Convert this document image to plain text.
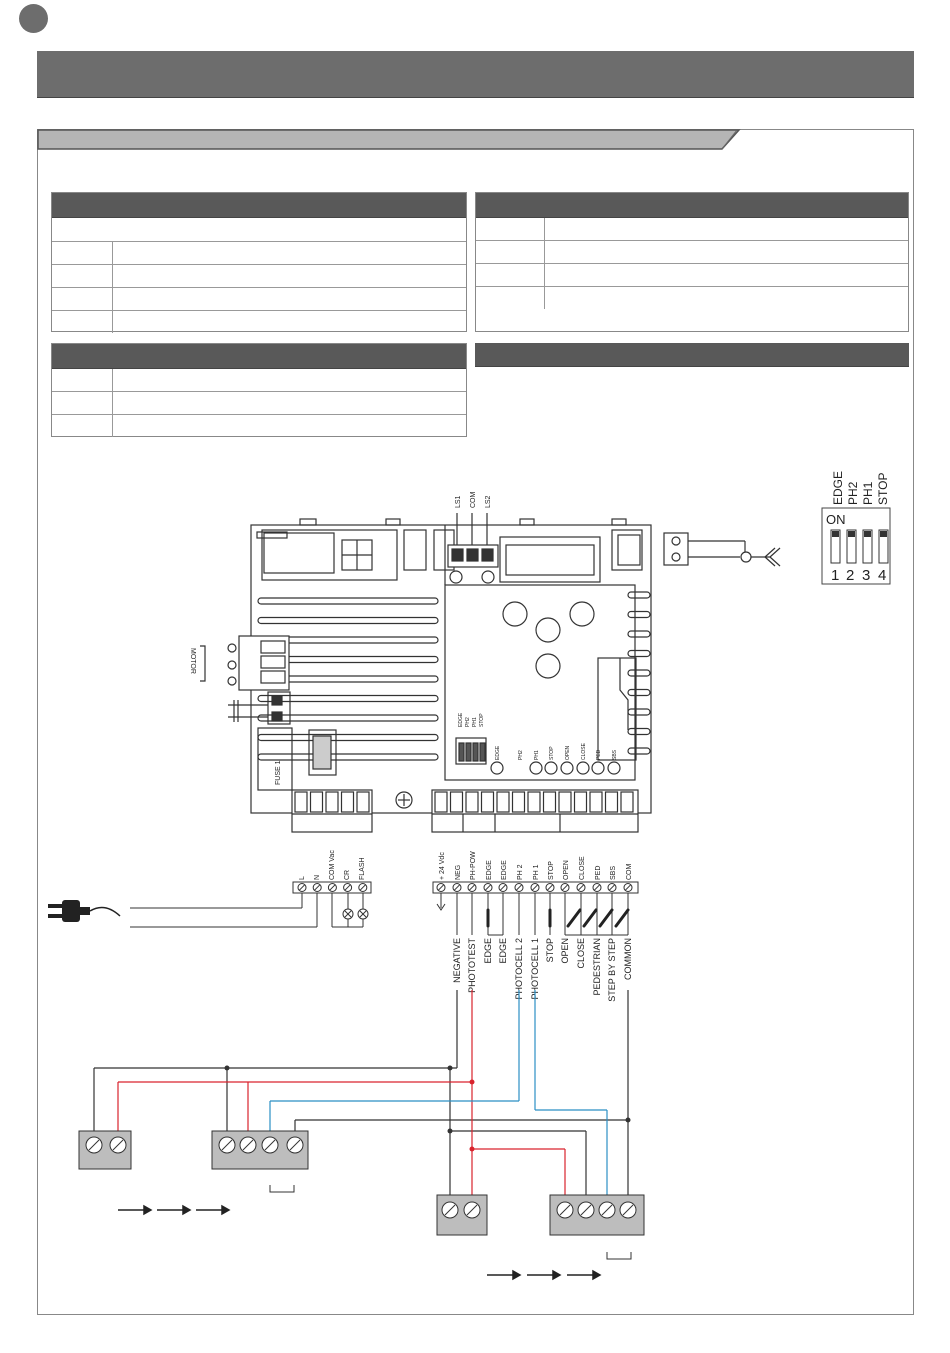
LS1 COM LS2
MOTOR
FUSE 1
EDGE PH2 PH1 STOP
EDGE	PH2 PH1 STOP OPEN CLOSE PED SBS
ON
1 2 3 4
EDGE PH2 PH1 STOP
L N COM Vac CR FLASH	+ 24 Vdc NEG PH-POW EDGE EDGE PH 2 PH 1 STOP OPEN CLOSE PED SBS COM
NEGATIVE PHOTOTEST EDGE EDGE PHOTOCELL 2 PHOTOCELL 1 STOP OPEN CLOSE PEDESTRIAN STEP BY STEP COMMON
